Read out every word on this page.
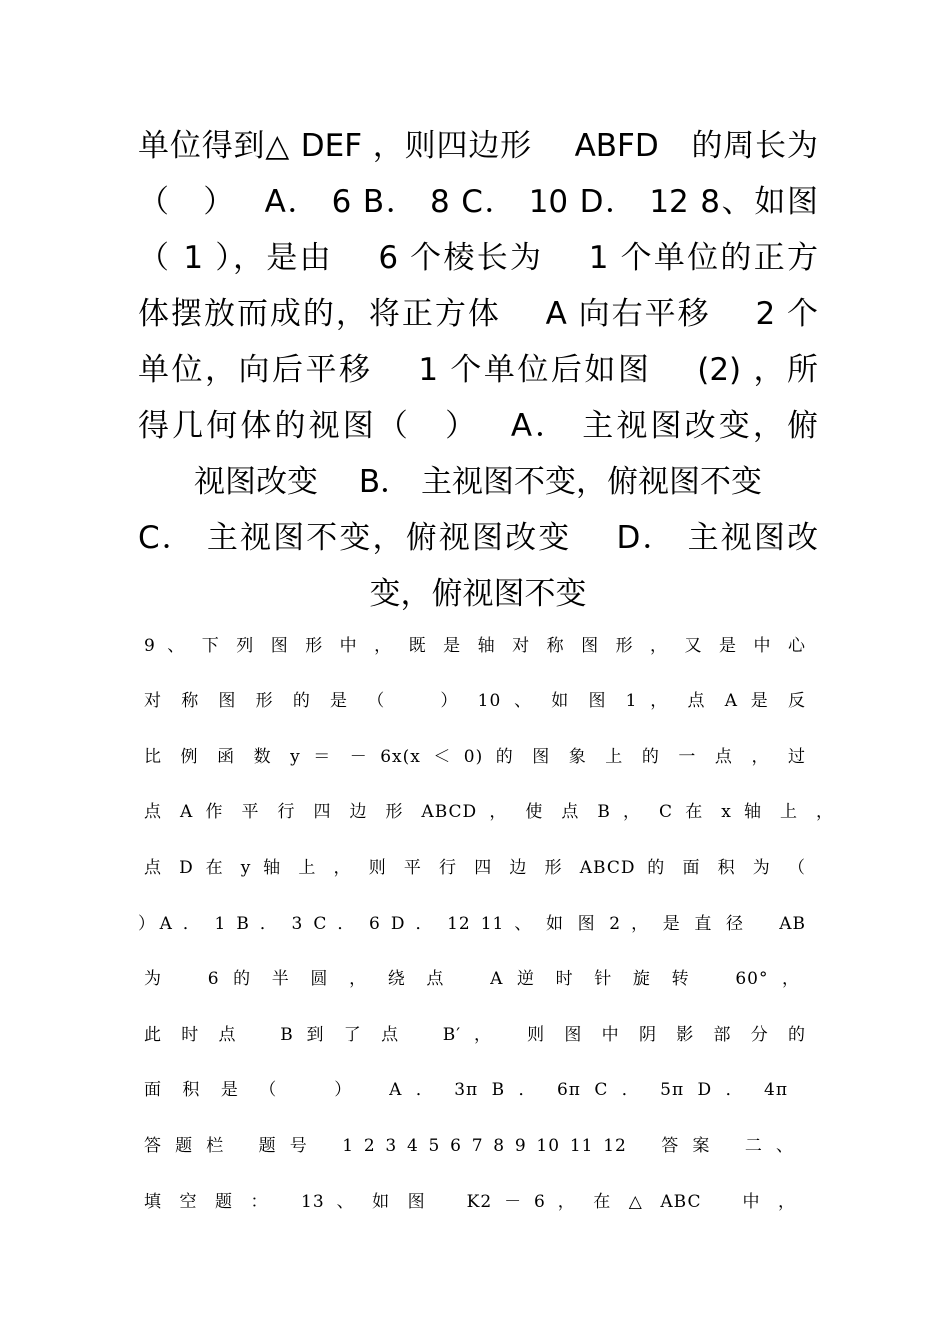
单位得到△ DEF ，则四边形　 ABFD　的周长为
（　）　 A． 6 B． 8 C． 10 D． 12 8、如图
（ 1 ），是由　 6 个棱长为　 1 个单位的正方
体摆放而成的，将正方体　 A 向右平移　 2 个
单位，向后平移　 1 个单位后如图　 (2) ，所
得几何体的视图（　）　 A． 主视图改变，俯
视图改变　 B． 主视图不变，俯视图不变
C． 主视图不变，俯视图改变　 D． 主视图改
变，俯视图不变
9 、 下 列 图 形 中 ， 既 是 轴 对 称 图 形 ， 又 是 中 心
对 称 图 形 的 是 （　　） 10 、 如 图 1 ， 点 A 是 反
比 例 函 数 y ＝ － 6x(x ＜ 0) 的 图 象 上 的 一 点 ， 过
点 A 作 平 行 四 边 形 ABCD ， 使 点 B ， C 在 x 轴 上 ，
点 D 在 y 轴 上 ， 则 平 行 四 边 形 ABCD 的 面 积 为 （
）A ． 1 B ． 3 C ． 6 D ． 12 11 、 如 图 2 ， 是 直 径　 AB
为　 6 的 半 圆 ， 绕 点　 A 逆 时 针 旋 转　 60° ，
此 时 点　 B 到 了 点　 B′ ，　 则 图 中 阴 影 部 分 的
面 积 是 （　　）　 A ． 3π B ． 6π C ． 5π D ． 4π
答 题 栏　 题 号　 1 2 3 4 5 6 7 8 9 10 11 12　 答 案　 二 、
填 空 题 ：　 13 、 如 图　 K2 － 6 ， 在 △ ABC　 中 ，
